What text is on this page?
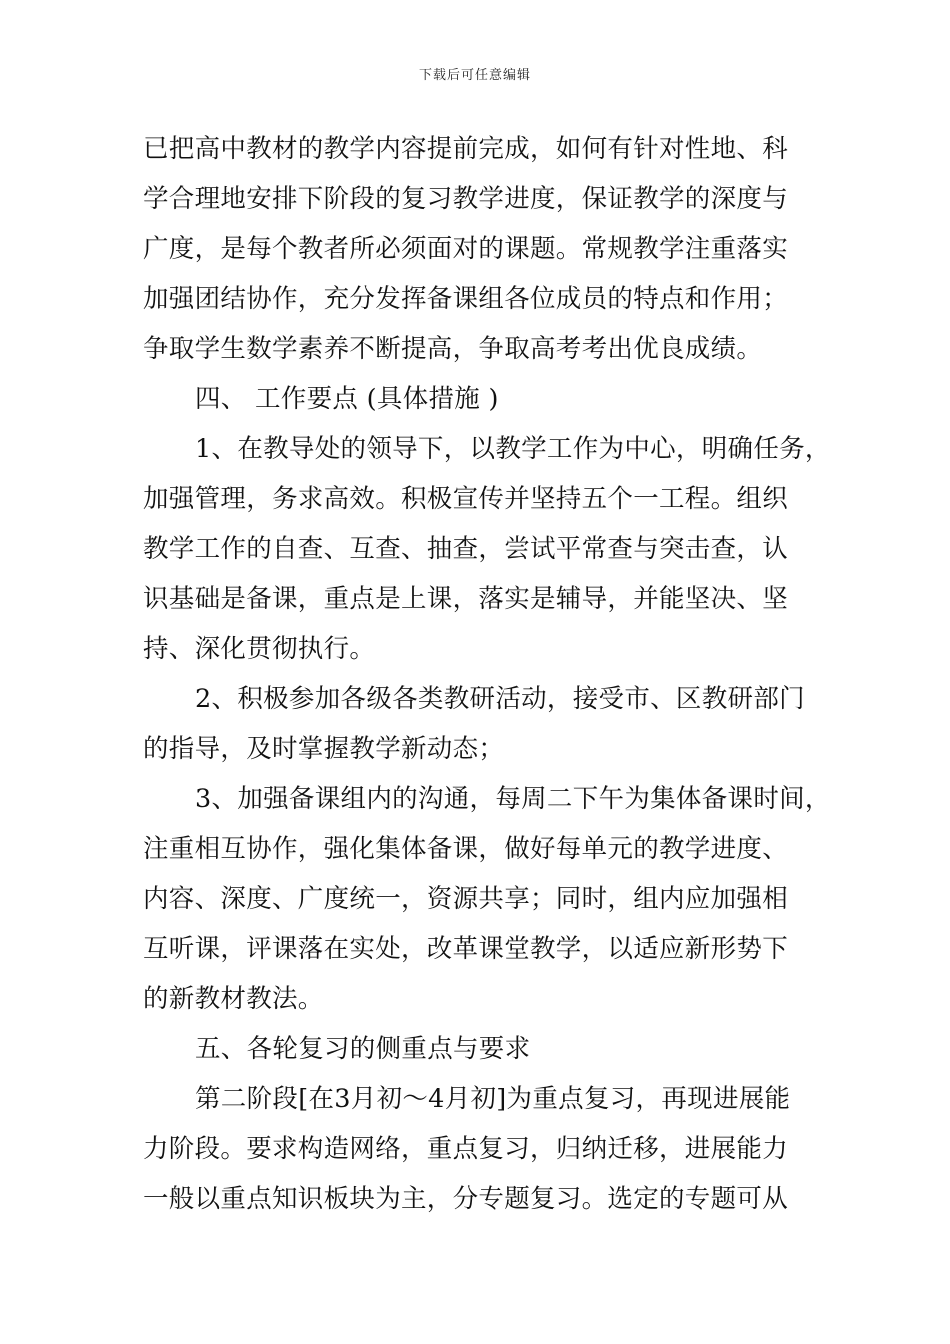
下载后可任意编辑
已把高中教材的教学内容提前完成，如何有针对性地、科
学合理地安排下阶段的复习教学进度，保证教学的深度与
广度，是每个教者所必须面对的课题。常规教学注重落实
加强团结协作，充分发挥备课组各位成员的特点和作用；
争取学生数学素养不断提高，争取高考考出优良成绩。
四、 工作要点 (具体措施 )
1、在教导处的领导下，以教学工作为中心，明确任务，
加强管理，务求高效。积极宣传并坚持五个一工程。组织
教学工作的自查、互查、抽查，尝试平常查与突击查，认
识基础是备课，重点是上课，落实是辅导，并能坚决、坚
持、深化贯彻执行。
2、积极参加各级各类教研活动，接受市、区教研部门
的指导，及时掌握教学新动态；
3、加强备课组内的沟通，每周二下午为集体备课时间，
注重相互协作，强化集体备课，做好每单元的教学进度、
内容、深度、广度统一，资源共享；同时，组内应加强相
互听课，评课落在实处，改革课堂教学，以适应新形势下
的新教材教法。
五、各轮复习的侧重点与要求
第二阶段[在3月初～4月初]为重点复习，再现进展能
力阶段。要求构造网络，重点复习，归纳迁移，进展能力
一般以重点知识板块为主，分专题复习。选定的专题可从
